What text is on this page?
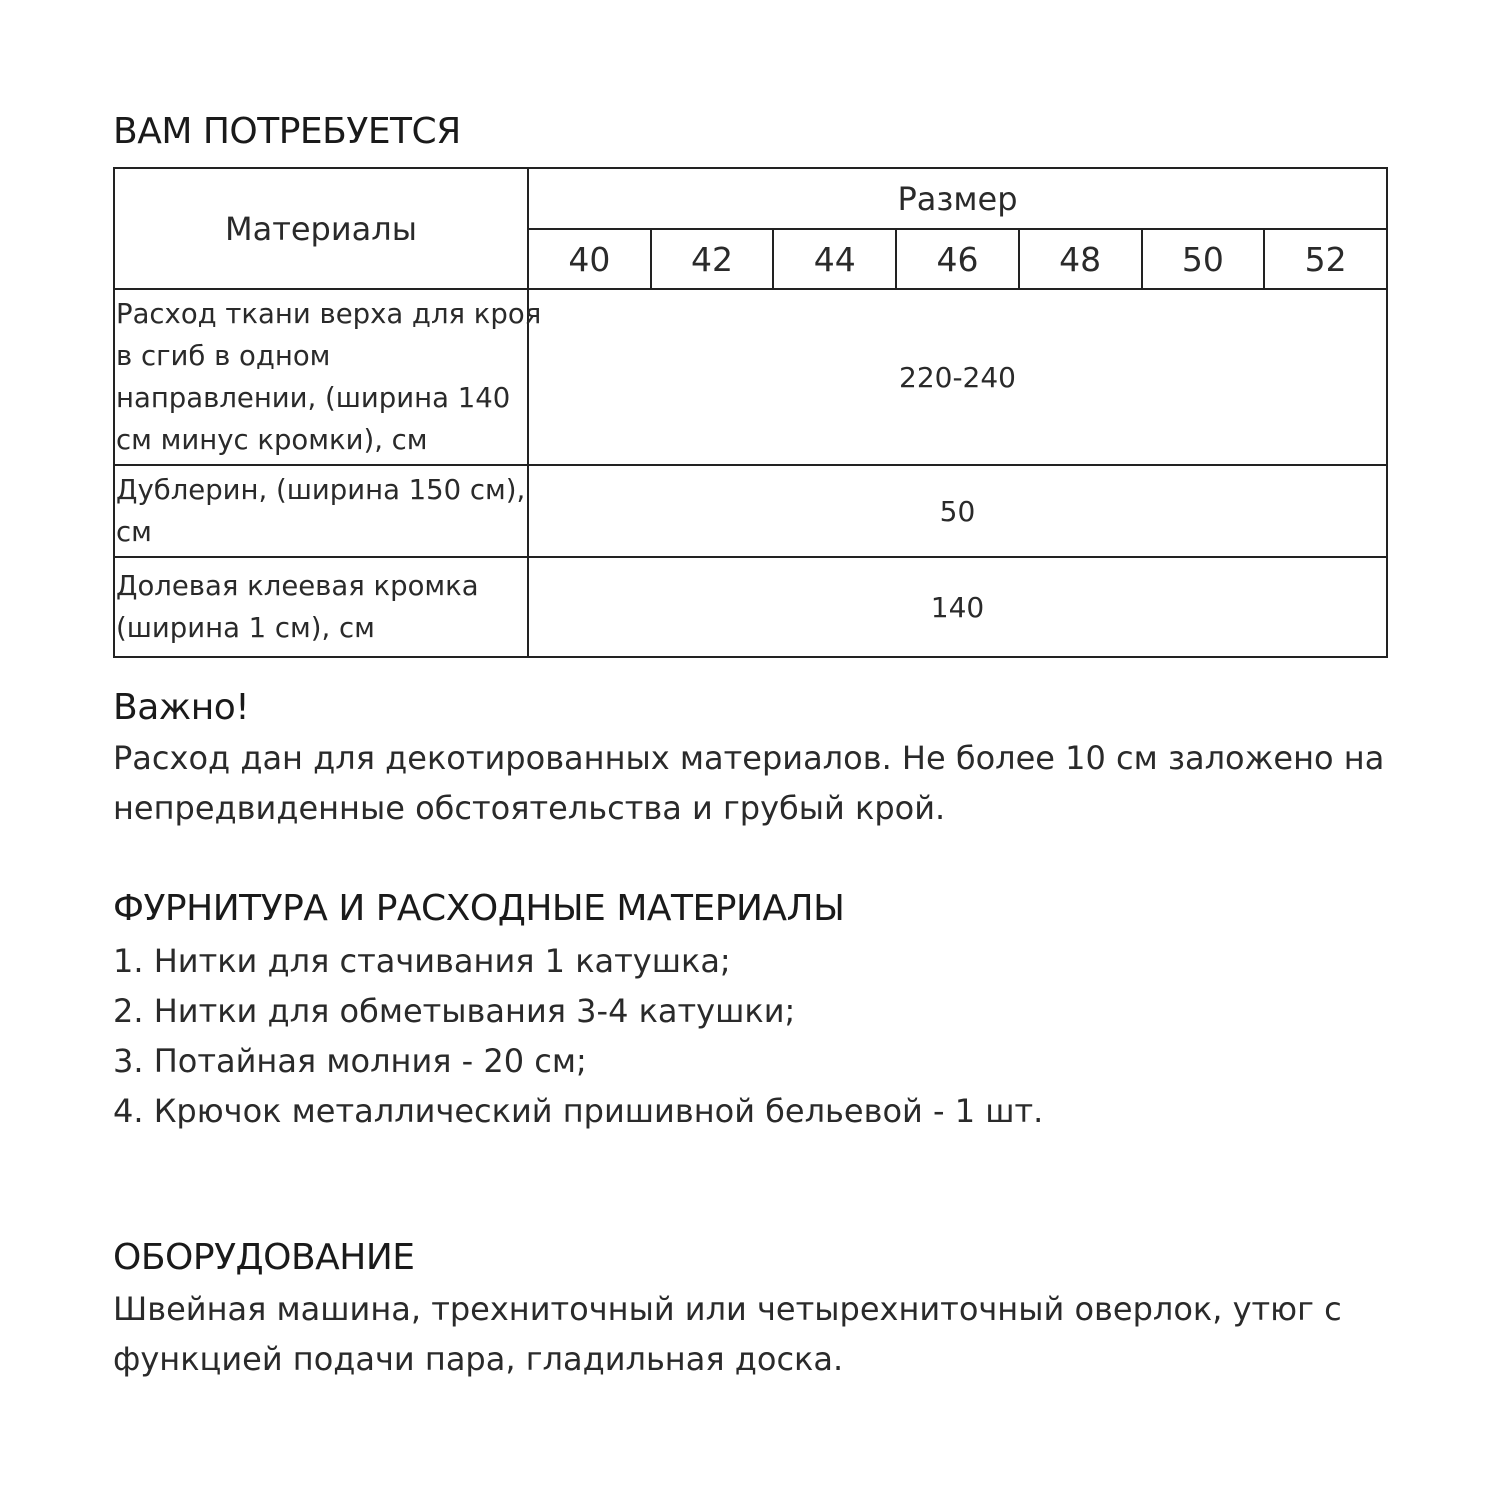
ВАМ ПОТРЕБУЕТСЯ
Материалы	Размер						
	40	42	44	46	48	50	52

Расход ткани верха для кроя
в сгиб в одном
направлении, (ширина 140
см минус кромки), см	220-240						

Дублерин, (ширина 150 см),
см	50						

Долевая клеевая кромка
(ширина 1 см), см	140						
Важно!

Расход дан для декотированных материалов. Не более 10 см заложено на
непредвиденные обстоятельства и грубый крой.

ФУРНИТУРА И РАСХОДНЫЕ МАТЕРИАЛЫ
1. Нитки для стачивания 1 катушка;
2. Нитки для обметывания 3-4 катушки;
3. Потайная молния - 20 см;
4. Крючок металлический пришивной бельевой - 1 шт.
ОБОРУДОВАНИЕ

Швейная машина, трехниточный или четырехниточный оверлок, утюг с
функцией подачи пара, гладильная доска.
